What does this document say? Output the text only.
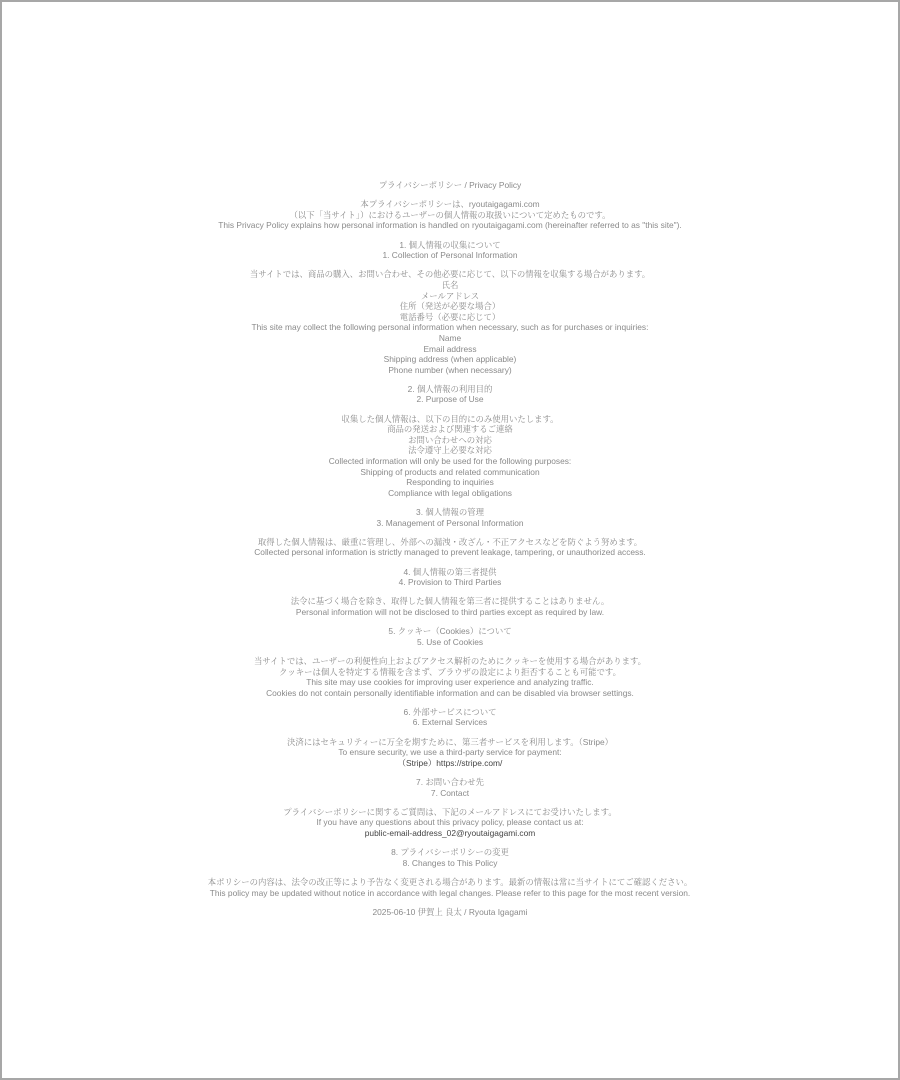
プライバシーポリシー / Privacy Policy
本プライバシーポリシーは、ryoutaigagami.com
（以下「当サイト」）におけるユーザーの個人情報の取扱いについて定めたものです。
This Privacy Policy explains how personal information is handled on ryoutaigagami.com (hereinafter referred to as "this site").
1. 個人情報の収集について
1. Collection of Personal Information
当サイトでは、商品の購入、お問い合わせ、その他必要に応じて、以下の情報を収集する場合があります。
氏名
メールアドレス
住所（発送が必要な場合）
電話番号（必要に応じて）
This site may collect the following personal information when necessary, such as for purchases or inquiries:
Name
Email address
Shipping address (when applicable)
Phone number (when necessary)
2. 個人情報の利用目的
2. Purpose of Use
収集した個人情報は、以下の目的にのみ使用いたします。
商品の発送および関連するご連絡
お問い合わせへの対応
法令遵守上必要な対応
Collected information will only be used for the following purposes:
Shipping of products and related communication
Responding to inquiries
Compliance with legal obligations
3. 個人情報の管理
3. Management of Personal Information
取得した個人情報は、厳重に管理し、外部への漏洩・改ざん・不正アクセスなどを防ぐよう努めます。
Collected personal information is strictly managed to prevent leakage, tampering, or unauthorized access.
4. 個人情報の第三者提供
4. Provision to Third Parties
法令に基づく場合を除き、取得した個人情報を第三者に提供することはありません。
Personal information will not be disclosed to third parties except as required by law.
5. クッキー（Cookies）について
5. Use of Cookies
当サイトでは、ユーザーの利便性向上およびアクセス解析のためにクッキーを使用する場合があります。
クッキーは個人を特定する情報を含まず、ブラウザの設定により拒否することも可能です。
This site may use cookies for improving user experience and analyzing traffic.
Cookies do not contain personally identifiable information and can be disabled via browser settings.
6. 外部サービスについて
6. External Services
決済にはセキュリティーに万全を期すために、第三者サービスを利用します。（Stripe）
To ensure security, we use a third-party service for payment:
（Stripe）https://stripe.com/
7. お問い合わせ先
7. Contact
プライバシーポリシーに関するご質問は、下記のメールアドレスにてお受けいたします。
If you have any questions about this privacy policy, please contact us at:
public-email-address_02@ryoutaigagami.com
8. プライバシーポリシーの変更
8. Changes to This Policy
本ポリシーの内容は、法令の改正等により予告なく変更される場合があります。最新の情報は常に当サイトにてご確認ください。
This policy may be updated without notice in accordance with legal changes. Please refer to this page for the most recent version.
2025-06-10 伊賀上 良太 / Ryouta Igagami
